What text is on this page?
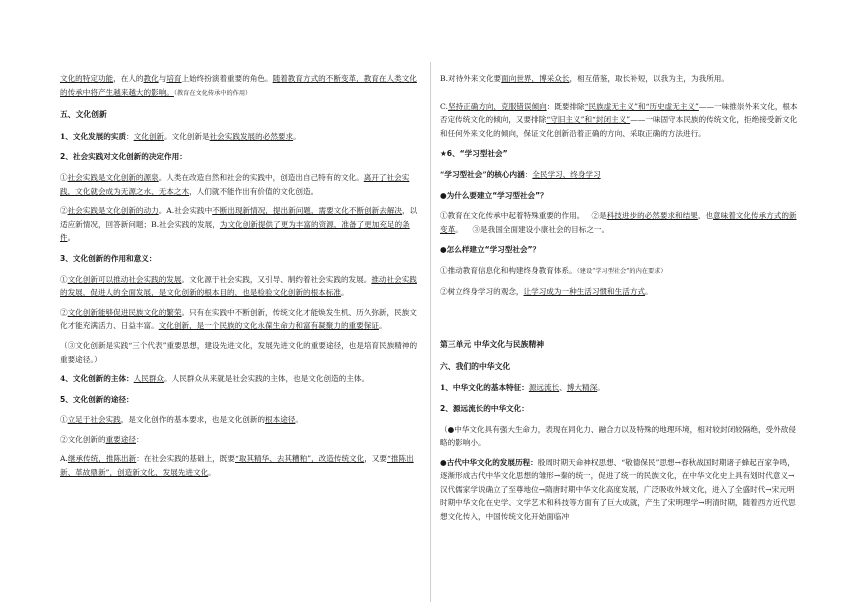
文化的特定功能，在人的教化与培育上始终扮演着重要的角色。随着教育方式的不断变革，教育在人类文化的传承中将产生越来越大的影响。（教育在文化传承中的作用）

五、文化创新

1、文化发展的实质：文化创新。文化创新是社会实践发展的必然要求。

2、社会实践对文化创新的决定作用：

①社会实践是文化创新的源泉。人类在改造自然和社会的实践中，创造出自己特有的文化。离开了社会实践，文化就会成为无源之水、无本之木，人们就不能作出有价值的文化创造。

②社会实践是文化创新的动力。A.社会实践中不断出现新情况，提出新问题，需要文化不断创新去解决，以适应新情况，回答新问题；B.社会实践的发展，为文化创新提供了更为丰富的资源，准备了更加充足的条件。

3、文化创新的作用和意义：

①文化创新可以推动社会实践的发展。文化源于社会实践，又引导、制约着社会实践的发展。推动社会实践的发展，促进人的全面发展，是文化创新的根本目的，也是检验文化创新的根本标准。

②文化创新能够促进民族文化的繁荣。只有在实践中不断创新，传统文化才能焕发生机、历久弥新，民族文化才能充满活力、日益丰富。文化创新，是一个民族的文化永葆生命力和富有凝聚力的重要保证。

（③文化创新是实践“三个代表”重要思想，建设先进文化，发展先进文化的重要途径，也是培育民族精神的重要途径。）

4、文化创新的主体：人民群众。人民群众从来就是社会实践的主体，也是文化创造的主体。

5、文化创新的途径：

①立足于社会实践，是文化创作的基本要求，也是文化创新的根本途径。

②文化创新的重要途径：

A.继承传统，推陈出新：在社会实践的基础上，既要“取其精华、去其糟粕”，改造传统文化，又要“推陈出新、革故鼎新”，创造新文化、发展先进文化。

B.对待外来文化要面向世界，博采众长，相互借鉴，取长补短，以我为主，为我所用。

C.坚持正确方向，克服错误倾向：既要排除“民族虚无主义”和“历史虚无主义”——一味推崇外来文化，根本否定传统文化的倾向，又要排除“守旧主义”和“封闭主义”——一味固守本民族的传统文化，拒绝接受新文化和任何外来文化的倾向，保证文化创新沿着正确的方向、采取正确的方法进行。

★6、“学习型社会”

“学习型社会”的核心内涵：全民学习、终身学习

●为什么要建立“学习型社会”？

①教育在文化传承中起着特殊重要的作用。 ②是科技进步的必然要求和结果，也意味着文化传承方式的新变革。 ③是我国全面建设小康社会的目标之一。

●怎么样建立“学习型社会”？

①推动教育信息化和构建终身教育体系。（建设“学习型社会”的内在要求）

②树立终身学习的观念，让学习成为一种生活习惯和生活方式。

第三单元 中华文化与民族精神
六、我们的中华文化

1、中华文化的基本特征：源远流长、博大精深。

2、源远流长的中华文化：

（●中华文化具有强大生命力，表现在同化力、融合力以及特殊的地理环境，相对较封闭较隔绝，受外敌侵略的影响小。

●古代中华文化的发展历程：殷周时期天命神权思想、“敬德保民”思想→春秋战国时期诸子蜂起百家争鸣，逐渐形成古代中华文化思想的雏形→秦的统一，促进了统一的民族文化，在中华文化史上具有划时代意义→汉代儒家学说确立了至尊地位→隋唐时期中华文化高度发展，广泛吸收外域文化，进入了全盛时代→宋元明时期中华文化在史学、文学艺术和科技等方面有了巨大成就，产生了宋明理学→明清时期，随着西方近代思想文化传入，中国传统文化开始面临冲
